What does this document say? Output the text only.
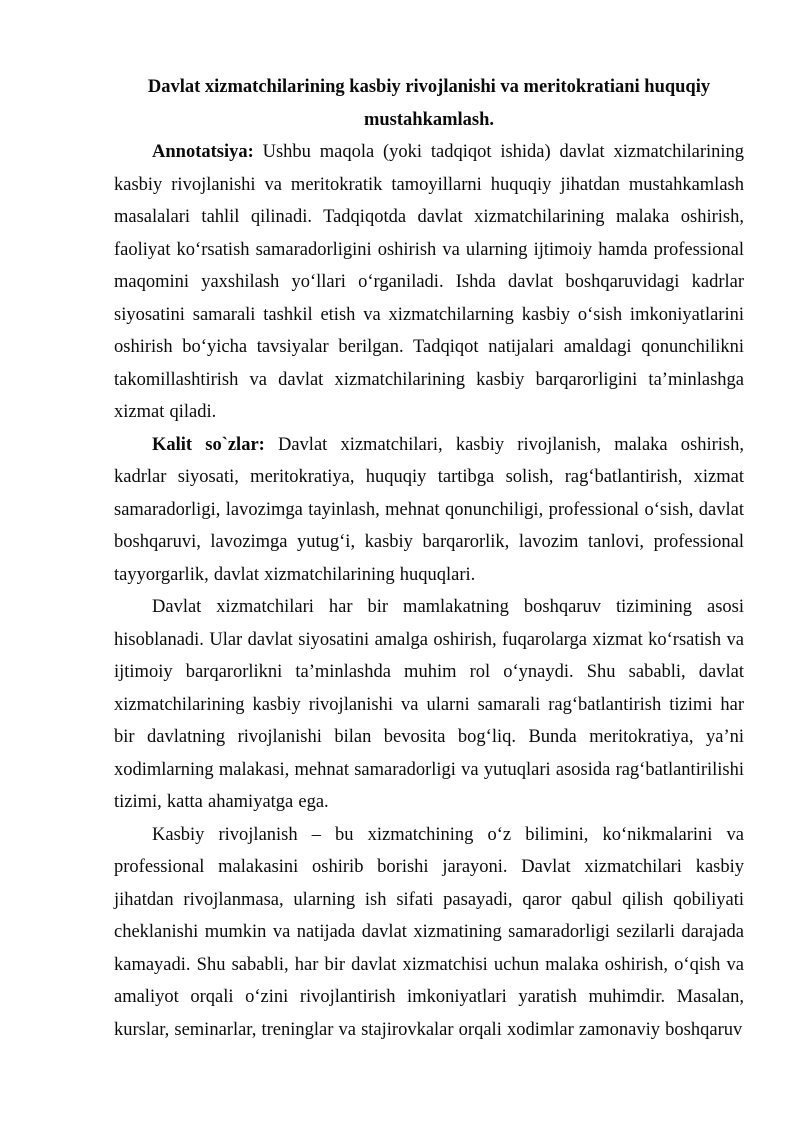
Davlat xizmatchilarining kasbiy rivojlanishi va meritokratiani huquqiy
mustahkamlash.

Annotatsiya: Ushbu maqola (yoki tadqiqot ishida) davlat xizmatchilarining kasbiy rivojlanishi va meritokratik tamoyillarni huquqiy jihatdan mustahkamlash masalalari tahlil qilinadi. Tadqiqotda davlat xizmatchilarining malaka oshirish, faoliyat ko‘rsatish samaradorligini oshirish va ularning ijtimoiy hamda professional maqomini yaxshilash yo‘llari o‘rganiladi. Ishda davlat boshqaruvidagi kadrlar siyosatini samarali tashkil etish va xizmatchilarning kasbiy o‘sish imkoniyatlarini oshirish bo‘yicha tavsiyalar berilgan. Tadqiqot natijalari amaldagi qonunchilikni takomillashtirish va davlat xizmatchilarining kasbiy barqarorligini ta’minlashga xizmat qiladi.

Kalit so`zlar: Davlat xizmatchilari, kasbiy rivojlanish, malaka oshirish, kadrlar siyosati, meritokratiya, huquqiy tartibga solish, rag‘batlantirish, xizmat samaradorligi, lavozimga tayinlash, mehnat qonunchiligi, professional o‘sish, davlat boshqaruvi, lavozimga yutug‘i, kasbiy barqarorlik, lavozim tanlovi, professional tayyorgarlik, davlat xizmatchilarining huquqlari.

Davlat xizmatchilari har bir mamlakatning boshqaruv tizimining asosi hisoblanadi. Ular davlat siyosatini amalga oshirish, fuqarolarga xizmat ko‘rsatish va ijtimoiy barqarorlikni ta’minlashda muhim rol o‘ynaydi. Shu sababli, davlat xizmatchilarining kasbiy rivojlanishi va ularni samarali rag‘batlantirish tizimi har bir davlatning rivojlanishi bilan bevosita bog‘liq. Bunda meritokratiya, ya’ni xodimlarning malakasi, mehnat samaradorligi va yutuqlari asosida rag‘batlantirilishi tizimi, katta ahamiyatga ega.

Kasbiy rivojlanish – bu xizmatchining o‘z bilimini, ko‘nikmalarini va professional malakasini oshirib borishi jarayoni. Davlat xizmatchilari kasbiy jihatdan rivojlanmasa, ularning ish sifati pasayadi, qaror qabul qilish qobiliyati cheklanishi mumkin va natijada davlat xizmatining samaradorligi sezilarli darajada kamayadi. Shu sababli, har bir davlat xizmatchisi uchun malaka oshirish, o‘qish va amaliyot orqali o‘zini rivojlantirish imkoniyatlari yaratish muhimdir. Masalan, kurslar, seminarlar, treninglar va stajirovkalar orqali xodimlar zamonaviy boshqaruv
